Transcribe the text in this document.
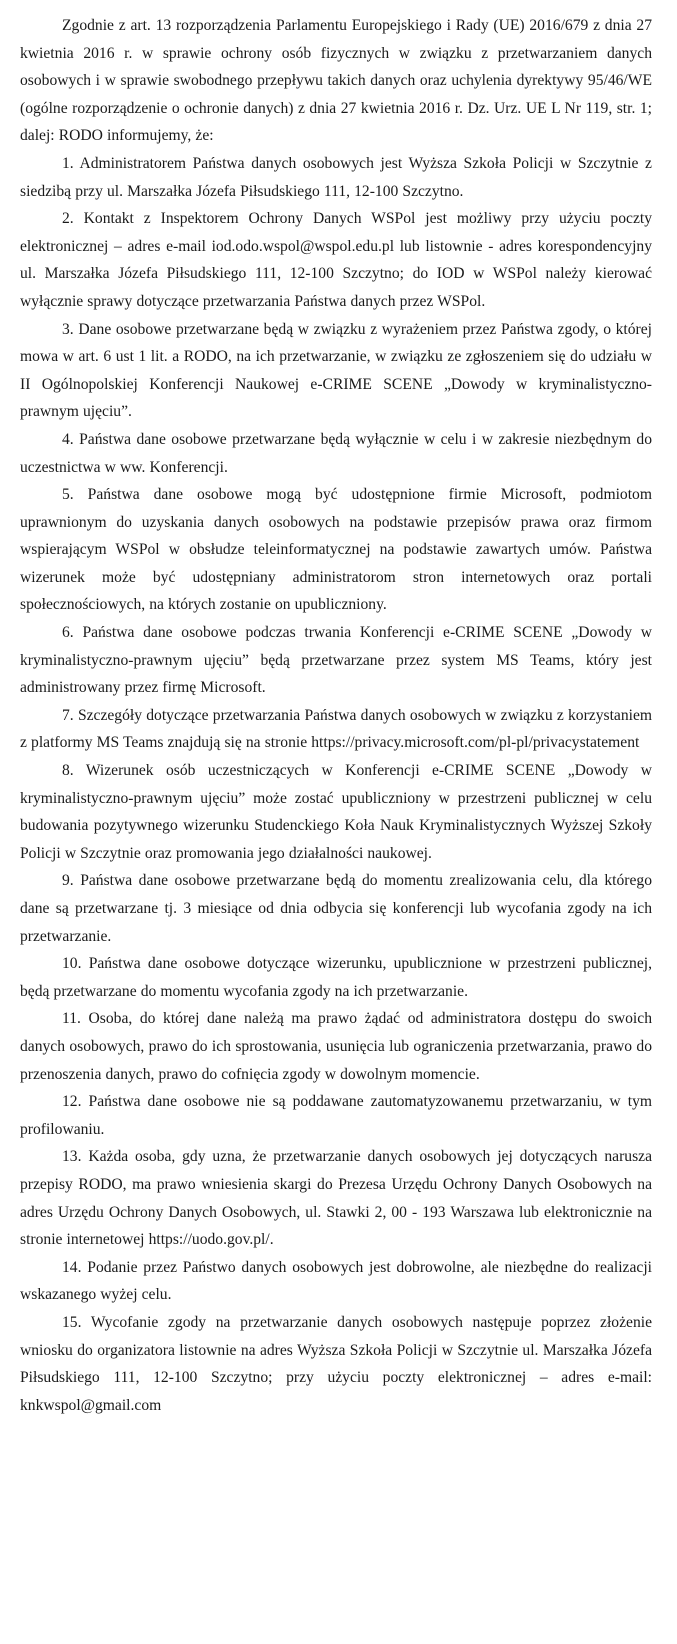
Zgodnie z art. 13 rozporządzenia Parlamentu Europejskiego i Rady (UE) 2016/679 z dnia 27 kwietnia 2016 r. w sprawie ochrony osób fizycznych w związku z przetwarzaniem danych osobowych i w sprawie swobodnego przepływu takich danych oraz uchylenia dyrektywy 95/46/WE (ogólne rozporządzenie o ochronie danych) z dnia 27 kwietnia 2016 r. Dz. Urz. UE L Nr 119, str. 1; dalej: RODO informujemy, że:

1. Administratorem Państwa danych osobowych jest Wyższa Szkoła Policji w Szczytnie z siedzibą przy ul. Marszałka Józefa Piłsudskiego 111, 12-100 Szczytno.

2. Kontakt z Inspektorem Ochrony Danych WSPol jest możliwy przy użyciu poczty elektronicznej – adres e-mail iod.odo.wspol@wspol.edu.pl lub listownie - adres korespondencyjny ul. Marszałka Józefa Piłsudskiego 111, 12-100 Szczytno; do IOD w WSPol należy kierować wyłącznie sprawy dotyczące przetwarzania Państwa danych przez WSPol.

3. Dane osobowe przetwarzane będą w związku z wyrażeniem przez Państwa zgody, o której mowa w art. 6 ust 1 lit. a RODO, na ich przetwarzanie, w związku ze zgłoszeniem się do udziału w II Ogólnopolskiej Konferencji Naukowej e-CRIME SCENE „Dowody w kryminalistyczno-prawnym ujęciu”.

4. Państwa dane osobowe przetwarzane będą wyłącznie w celu i w zakresie niezbędnym do uczestnictwa w ww. Konferencji.

5. Państwa dane osobowe mogą być udostępnione firmie Microsoft, podmiotom uprawnionym do uzyskania danych osobowych na podstawie przepisów prawa oraz firmom wspierającym WSPol w obsłudze teleinformatycznej na podstawie zawartych umów. Państwa wizerunek może być udostępniany administratorom stron internetowych oraz portali społecznościowych, na których zostanie on upubliczniony.

6. Państwa dane osobowe podczas trwania Konferencji e-CRIME SCENE „Dowody w kryminalistyczno-prawnym ujęciu” będą przetwarzane przez system MS Teams, który jest administrowany przez firmę Microsoft.

7. Szczegóły dotyczące przetwarzania Państwa danych osobowych w związku z korzystaniem z platformy MS Teams znajdują się na stronie https://privacy.microsoft.com/pl-pl/privacystatement

8. Wizerunek osób uczestniczących w Konferencji e-CRIME SCENE „Dowody w kryminalistyczno-prawnym ujęciu” może zostać upubliczniony w przestrzeni publicznej w celu budowania pozytywnego wizerunku Studenckiego Koła Nauk Kryminalistycznych Wyższej Szkoły Policji w Szczytnie oraz promowania jego działalności naukowej.

9. Państwa dane osobowe przetwarzane będą do momentu zrealizowania celu, dla którego dane są przetwarzane tj. 3 miesiące od dnia odbycia się konferencji lub wycofania zgody na ich przetwarzanie.

10. Państwa dane osobowe dotyczące wizerunku, upublicznione w przestrzeni publicznej, będą przetwarzane do momentu wycofania zgody na ich przetwarzanie.

11. Osoba, do której dane należą ma prawo żądać od administratora dostępu do swoich danych osobowych, prawo do ich sprostowania, usunięcia lub ograniczenia przetwarzania, prawo do przenoszenia danych, prawo do cofnięcia zgody w dowolnym momencie.

12. Państwa dane osobowe nie są poddawane zautomatyzowanemu przetwarzaniu, w tym profilowaniu.

13. Każda osoba, gdy uzna, że przetwarzanie danych osobowych jej dotyczących narusza przepisy RODO, ma prawo wniesienia skargi do Prezesa Urzędu Ochrony Danych Osobowych na adres Urzędu Ochrony Danych Osobowych, ul. Stawki 2, 00 - 193 Warszawa lub elektronicznie na stronie internetowej https://uodo.gov.pl/.

14. Podanie przez Państwo danych osobowych jest dobrowolne, ale niezbędne do realizacji wskazanego wyżej celu.

15. Wycofanie zgody na przetwarzanie danych osobowych następuje poprzez złożenie wniosku do organizatora listownie na adres Wyższa Szkoła Policji w Szczytnie ul. Marszałka Józefa Piłsudskiego 111, 12-100 Szczytno; przy użyciu poczty elektronicznej – adres e-mail: knkwspol@gmail.com
